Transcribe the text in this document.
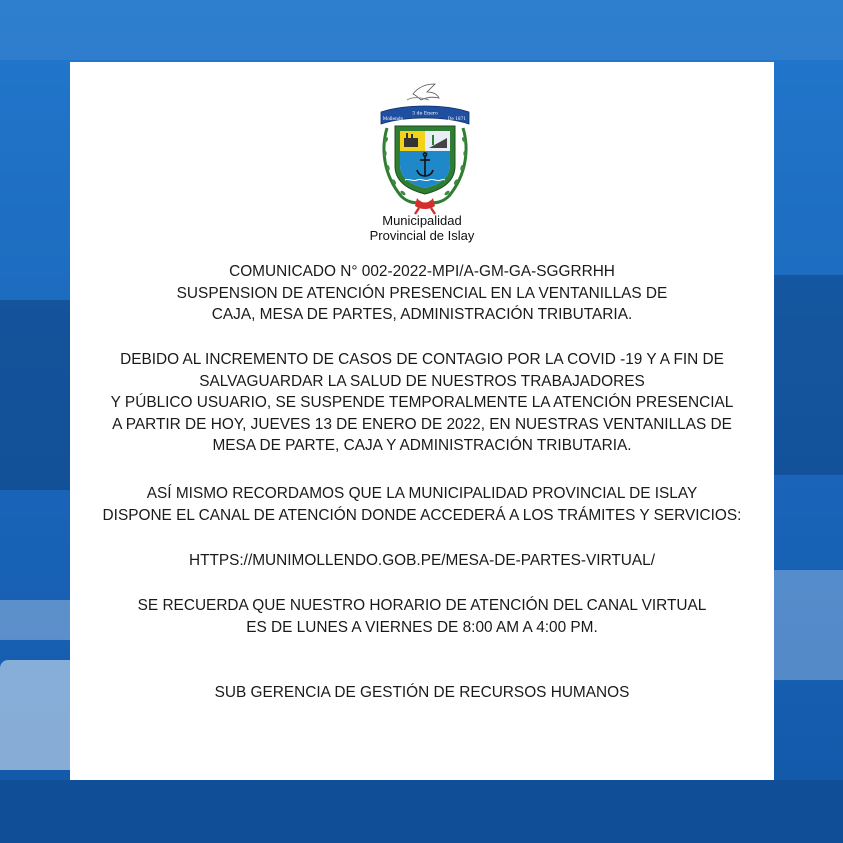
3 de Enero
Mollendo	De 1871
Municipalidad
Provincial de Islay
COMUNICADO N° 002-2022-MPI/A-GM-GA-SGGRRHH
SUSPENSION DE ATENCIÓN PRESENCIAL EN LA VENTANILLAS DE
CAJA, MESA DE PARTES, ADMINISTRACIÓN TRIBUTARIA.
DEBIDO AL INCREMENTO DE CASOS DE CONTAGIO POR LA COVID -19 Y A FIN DE
SALVAGUARDAR LA SALUD DE NUESTROS TRABAJADORES
Y PÚBLICO USUARIO, SE SUSPENDE TEMPORALMENTE LA ATENCIÓN PRESENCIAL
A PARTIR DE HOY, JUEVES 13 DE ENERO DE 2022, EN NUESTRAS VENTANILLAS DE
MESA DE PARTE, CAJA Y ADMINISTRACIÓN TRIBUTARIA.
ASÍ MISMO RECORDAMOS QUE LA MUNICIPALIDAD PROVINCIAL DE ISLAY
DISPONE EL CANAL DE ATENCIÓN DONDE ACCEDERÁ A LOS TRÁMITES Y SERVICIOS:
HTTPS://MUNIMOLLENDO.GOB.PE/MESA-DE-PARTES-VIRTUAL/
SE RECUERDA QUE NUESTRO HORARIO DE ATENCIÓN DEL CANAL VIRTUAL
ES DE LUNES A VIERNES DE 8:00 AM A 4:00 PM.
SUB GERENCIA DE GESTIÓN DE RECURSOS HUMANOS
